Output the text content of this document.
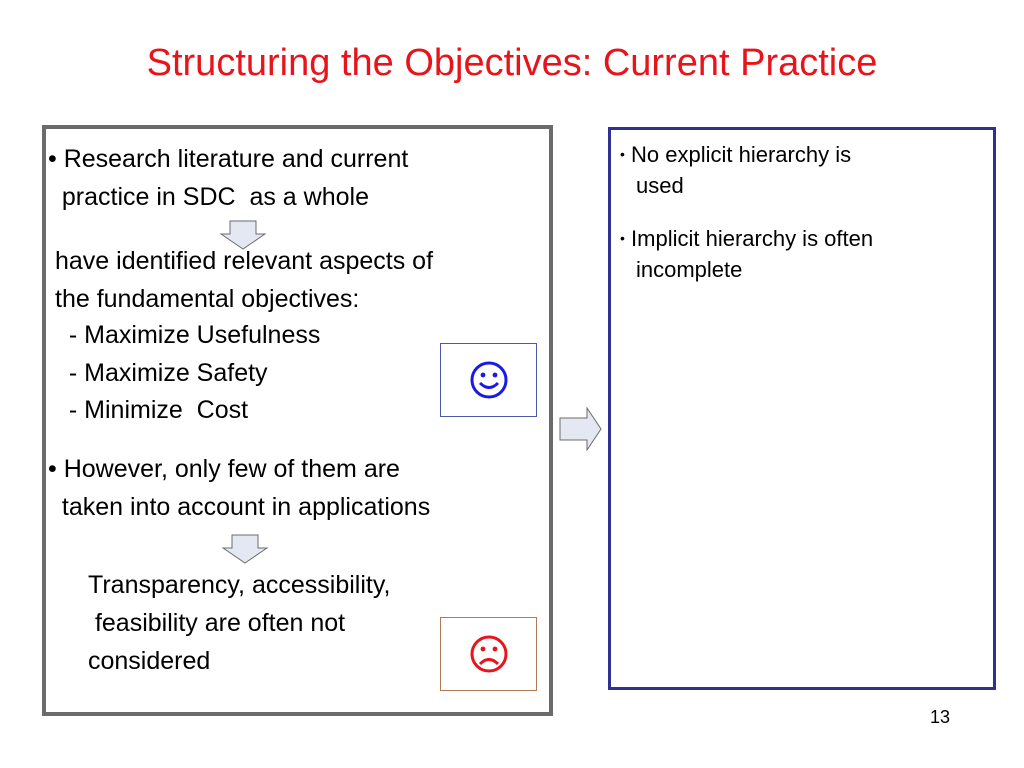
Structuring the Objectives: Current Practice
• Research literature and current
practice in SDC  as a whole
have identified relevant aspects of
the fundamental objectives:
- Maximize Usefulness
- Maximize Safety
- Minimize  Cost
• However, only few of them are
taken into account in applications
Transparency, accessibility,
feasibility are often not
considered
• No explicit hierarchy is
used
• Implicit hierarchy is often
incomplete
13
